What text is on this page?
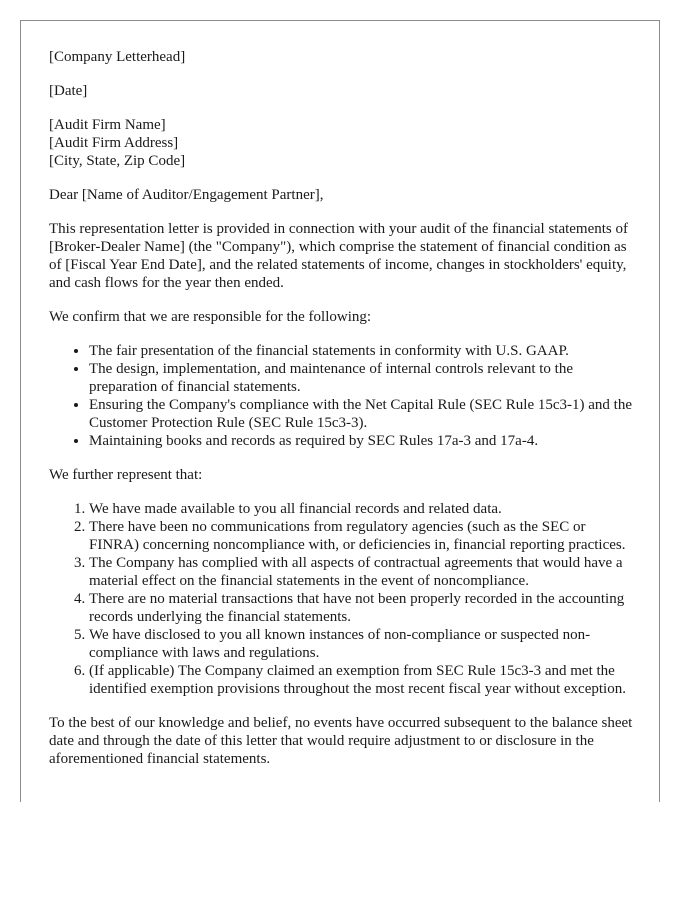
[Company Letterhead]

[Date]

[Audit Firm Name]
[Audit Firm Address]
[City, State, Zip Code]

Dear [Name of Auditor/Engagement Partner],

This representation letter is provided in connection with your audit of the financial statements of [Broker-Dealer Name] (the "Company"), which comprise the statement of financial condition as of [Fiscal Year End Date], and the related statements of income, changes in stockholders' equity, and cash flows for the year then ended.

We confirm that we are responsible for the following:

• The fair presentation of the financial statements in conformity with U.S. GAAP.
• The design, implementation, and maintenance of internal controls relevant to the preparation of financial statements.
• Ensuring the Company's compliance with the Net Capital Rule (SEC Rule 15c3-1) and the Customer Protection Rule (SEC Rule 15c3-3).
• Maintaining books and records as required by SEC Rules 17a-3 and 17a-4.

We further represent that:

1. We have made available to you all financial records and related data.
2. There have been no communications from regulatory agencies (such as the SEC or FINRA) concerning noncompliance with, or deficiencies in, financial reporting practices.
3. The Company has complied with all aspects of contractual agreements that would have a material effect on the financial statements in the event of noncompliance.
4. There are no material transactions that have not been properly recorded in the accounting records underlying the financial statements.
5. We have disclosed to you all known instances of non-compliance or suspected non-compliance with laws and regulations.
6. (If applicable) The Company claimed an exemption from SEC Rule 15c3-3 and met the identified exemption provisions throughout the most recent fiscal year without exception.

To the best of our knowledge and belief, no events have occurred subsequent to the balance sheet date and through the date of this letter that would require adjustment to or disclosure in the aforementioned financial statements.
